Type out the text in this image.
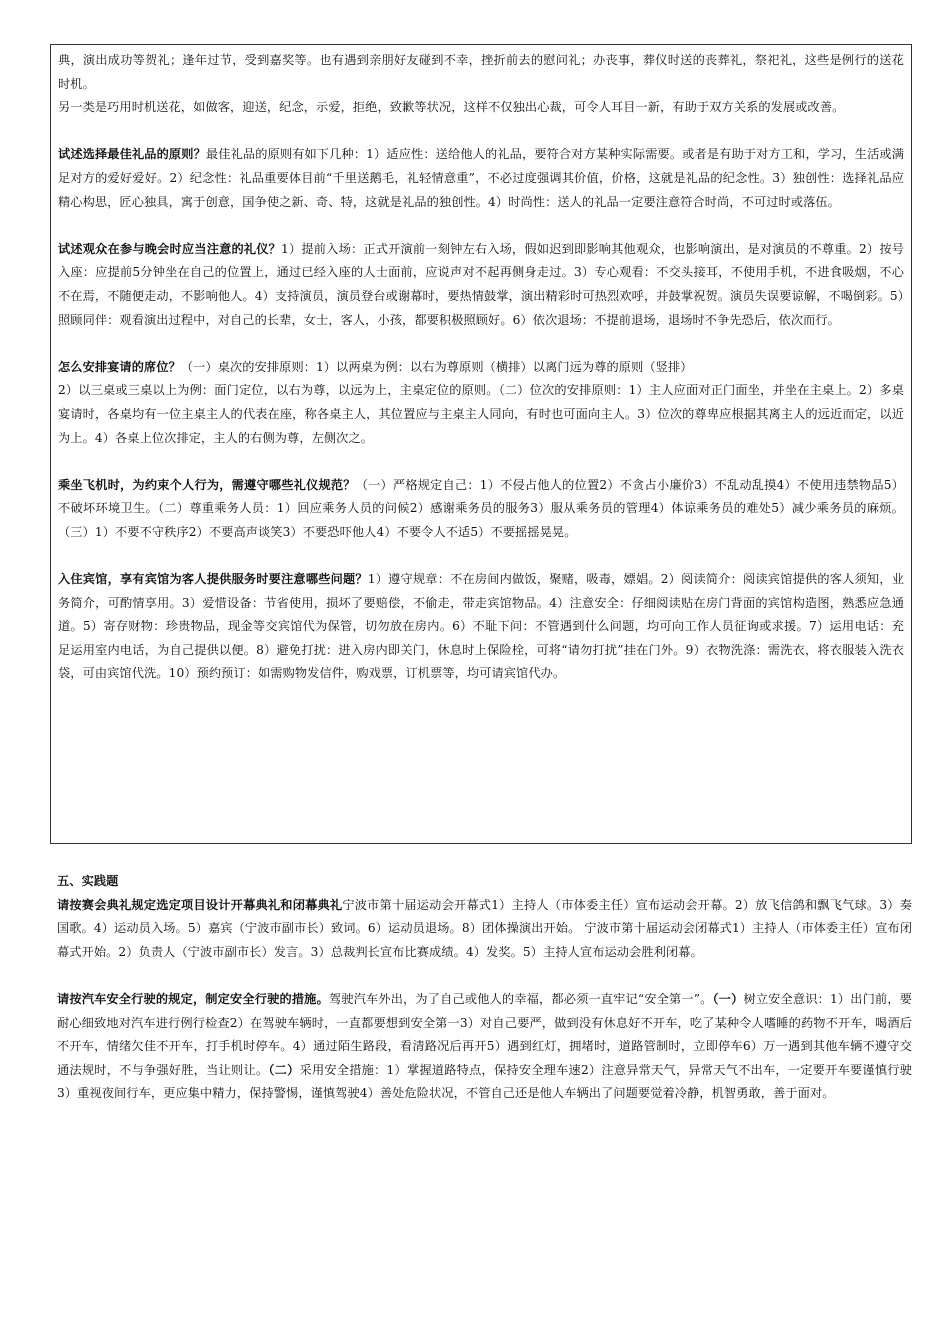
典，演出成功等贺礼；逢年过节，受到嘉奖等。也有遇到亲朋好友碰到不幸，挫折前去的慰问礼；办丧事，葬仪时送的丧葬礼，祭祀礼，这些是例行的送花时机。

另一类是巧用时机送花，如做客，迎送，纪念，示爱，拒绝，致歉等状况，这样不仅独出心裁，可令人耳目一新，有助于双方关系的发展或改善。

试述选择最佳礼品的原则？最佳礼品的原则有如下几种：1）适应性：送给他人的礼品，要符合对方某种实际需要。或者是有助于对方工和，学习，生活或满足对方的爱好爱好。2）纪念性：礼品重要体目前“千里送鹅毛，礼轻情意重”，不必过度强调其价值，价格，这就是礼品的纪念性。3）独创性：选择礼品应精心构思，匠心独具，寓于创意，国争使之新、奇、特，这就是礼品的独创性。4）时尚性：送人的礼品一定要注意符合时尚，不可过时或落伍。

试述观众在参与晚会时应当注意的礼仪？1）提前入场：正式开演前一刻钟左右入场，假如迟到即影响其他观众，也影响演出，是对演员的不尊重。2）按号入座：应提前5分钟坐在自己的位置上，通过已经入座的人士面前，应说声对不起再侧身走过。3）专心观看：不交头接耳，不使用手机，不进食吸烟，不心不在焉，不随便走动，不影响他人。4）支持演员，演员登台或谢幕时，要热情鼓掌，演出精彩时可热烈欢呼，并鼓掌祝贺。演员失误要谅解，不喝倒彩。5）照顾同伴：观看演出过程中，对自己的长辈，女士，客人，小孩，都要积极照顾好。6）依次退场：不提前退场，退场时不争先恐后，依次而行。

怎么安排宴请的席位？（一）桌次的安排原则：1）以两桌为例：以右为尊原则（横排）以离门远为尊的原则（竖排）

2）以三桌或三桌以上为例：面门定位，以右为尊，以远为上，主桌定位的原则。（二）位次的安排原则：1）主人应面对正门面坐，并坐在主桌上。2）多桌宴请时，各桌均有一位主桌主人的代表在座，称各桌主人，其位置应与主桌主人同向，有时也可面向主人。3）位次的尊卑应根据其离主人的远近而定，以近为上。4）各桌上位次排定，主人的右侧为尊，左侧次之。

乘坐飞机时，为约束个人行为，需遵守哪些礼仪规范？（一）严格规定自己：1）不侵占他人的位置2）不贪占小廉价3）不乱动乱摸4）不使用违禁物品5）不破坏环境卫生。（二）尊重乘务人员：1）回应乘务人员的问候2）感谢乘务员的服务3）服从乘务员的管理4）体谅乘务员的难处5）减少乘务员的麻烦。（三）1）不要不守秩序2）不要高声谈笑3）不要恐吓他人4）不要令人不适5）不要摇摇晃晃。

入住宾馆，享有宾馆为客人提供服务时要注意哪些问题？1）遵守规章：不在房间内做饭，聚赌，吸毒，嫖娼。2）阅读简介：阅读宾馆提供的客人须知，业务简介，可酌情享用。3）爱惜设备：节省使用，损坏了要赔偿，不偷走，带走宾馆物品。4）注意安全：仔细阅读贴在房门背面的宾馆构造图，熟悉应急通道。5）寄存财物：珍贵物品，现金等交宾馆代为保管，切勿放在房内。6）不耻下问：不管遇到什么问题，均可向工作人员征询或求援。7）运用电话：充足运用室内电话，为自己提供以便。8）避免打扰：进入房内即关门，休息时上保险栓，可将“请勿打扰”挂在门外。9）衣物洗涤：需洗衣，将衣服装入洗衣袋，可由宾馆代洗。10）预约预订：如需购物发信件，购戏票，订机票等，均可请宾馆代办。

五、实践题

请按赛会典礼规定选定项目设计开幕典礼和闭幕典礼宁波市第十届运动会开幕式1）主持人（市体委主任）宣布运动会开幕。2）放飞信鸽和飘飞气球。3）奏国歌。4）运动员入场。5）嘉宾（宁波市副市长）致词。6）运动员退场。8）团体操演出开始。 宁波市第十届运动会闭幕式1）主持人（市体委主任）宣布闭幕式开始。2）负责人（宁波市副市长）发言。3）总裁判长宣布比赛成绩。4）发奖。5）主持人宣布运动会胜利闭幕。

请按汽车安全行驶的规定，制定安全行驶的措施。驾驶汽车外出，为了自己或他人的幸福，都必须一直牢记“安全第一”。（一）树立安全意识：1）出门前，要耐心细致地对汽车进行例行检查2）在驾驶车辆时，一直都要想到安全第一3）对自己要严，做到没有休息好不开车，吃了某种令人嗜睡的药物不开车，喝酒后不开车，情绪欠佳不开车，打手机时停车。4）通过陌生路段，看清路况后再开5）遇到红灯，拥堵时，道路管制时，立即停车6）万一遇到其他车辆不遵守交通法规时，不与争强好胜，当让则让。（二）采用安全措施：1）掌握道路特点，保持安全理车速2）注意异常天气，异常天气不出车，一定要开车要谨慎行驶3）重视夜间行车，更应集中精力，保持警惕，谨慎驾驶4）善处危险状况，不管自己还是他人车辆出了问题要觉着冷静，机智勇敢，善于面对。
